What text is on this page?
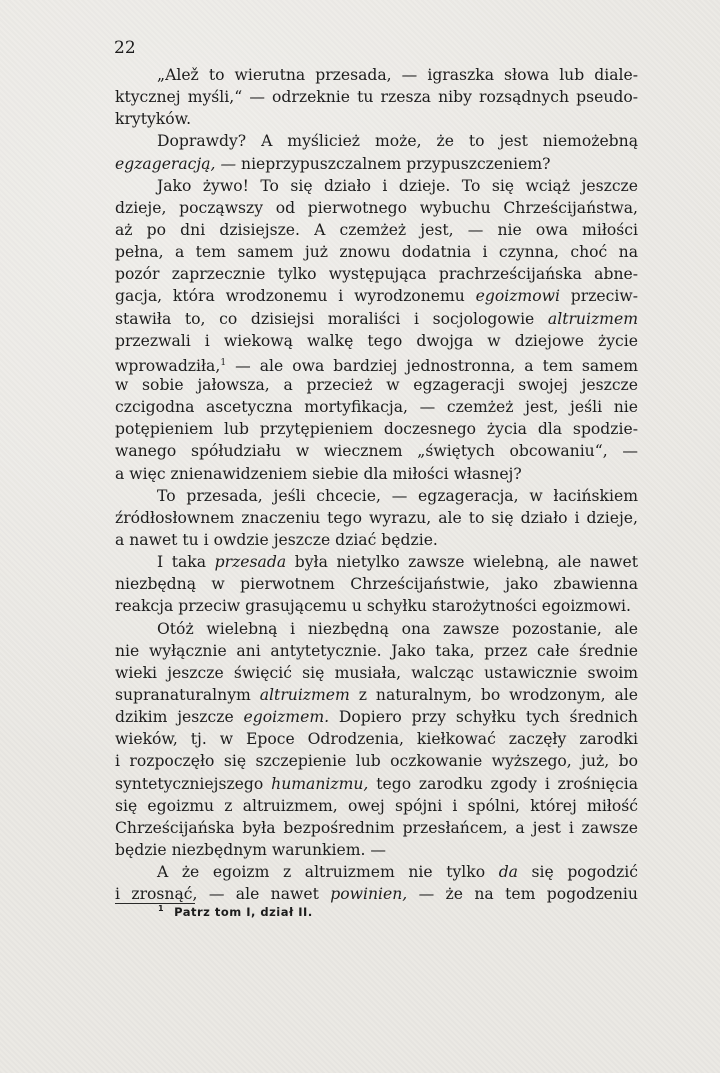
22
„Alež to wierutna przesada, — igraszka słowa lub diale-
ktycznej myśli,“ — odrzeknie tu rzesza niby rozsądnych pseudo-
krytyków.
Doprawdy? A myślicież może, że to jest niemożebną
egzageracją, — nieprzypuszczalnem przypuszczeniem?
Jako żywo! To się działo i dzieje. To się wciąż jeszcze
dzieje, począwszy od pierwotnego wybuchu Chrześcijaństwa,
aż po dni dzisiejsze. A czemżeż jest, — nie owa miłości
pełna, a tem samem już znowu dodatnia i czynna, choć na
pozór zaprzecznie tylko występująca prachrześcijańska abne-
gacja, która wrodzonemu i wyrodzonemu egoizmowi przeciw-
stawiła to, co dzisiejsi moraliści i socjologowie altruizmem
przezwali i wiekową walkę tego dwojga w dziejowe życie
wprowadziła,$^1$ — ale owa bardziej jednostronna, a tem samem
w sobie jałowsza, a przecież w egzageracji swojej jeszcze
czcigodna ascetyczna mortyfikacja, — czemżeż jest, jeśli nie
potępieniem lub przytępieniem doczesnego życia dla spodzie-
wanego spółudziału w wiecznem „świętych obcowaniu“, —
a więc znienawidzeniem siebie dla miłości własnej?
To przesada, jeśli chcecie, — egzageracja, w łacińskiem
źródłosłownem znaczeniu tego wyrazu, ale to się działo i dzieje,
a nawet tu i owdzie jeszcze dziać będzie.
I taka przesada była nietylko zawsze wielebną, ale nawet
niezbędną w pierwotnem Chrześcijaństwie, jako zbawienna
reakcja przeciw grasującemu u schyłku starożytności egoizmowi.
Otóż wielebną i niezbędną ona zawsze pozostanie, ale
nie wyłącznie ani antytetycznie. Jako taka, przez całe średnie
wieki jeszcze święcić się musiała, walcząc ustawicznie swoim
supranaturalnym altruizmem z naturalnym, bo wrodzonym, ale
dzikim jeszcze egoizmem. Dopiero przy schyłku tych średnich
wieków, tj. w Epoce Odrodzenia, kiełkować zaczęły zarodki
i rozpoczęło się szczepienie lub oczkowanie wyższego, już, bo
syntetyczniejszego humanizmu, tego zarodku zgody i zrośnięcia
się egoizmu z altruizmem, owej spójni i spólni, której miłość
Chrześcijańska była bezpośrednim przesłańcem, a jest i zawsze
będzie niezbędnym warunkiem. —
A że egoizm z altruizmem nie tylko da się pogodzić
i zrosnąć, — ale nawet powinien, — że na tem pogodzeniu
$^1$ Patrz tom I, dział II.
